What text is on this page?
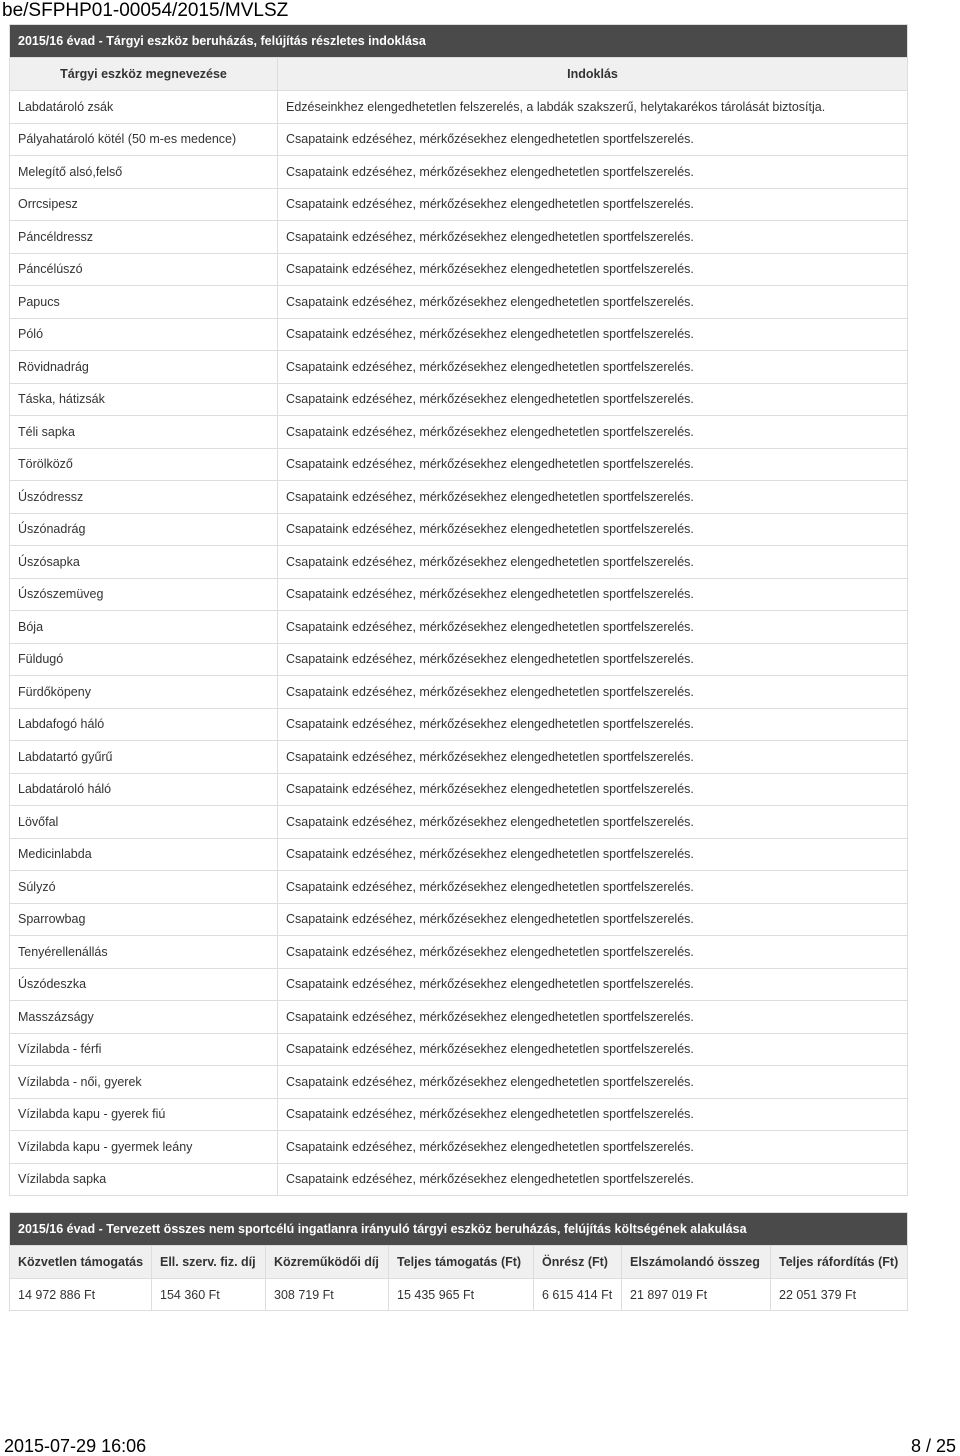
be/SFPHP01-00054/2015/MVLSZ
2015/16 évad - Tárgyi eszköz beruházás, felújítás részletes indoklása	
Tárgyi eszköz megnevezése	Indoklás
Labdatároló zsák	Edzéseinkhez elengedhetetlen felszerelés, a labdák szakszerű, helytakarékos tárolását biztosítja.
Pályahatároló kötél (50 m-es medence)	Csapataink edzéséhez, mérkőzésekhez elengedhetetlen sportfelszerelés.
Melegítő alsó,felső	Csapataink edzéséhez, mérkőzésekhez elengedhetetlen sportfelszerelés.
Orrcsipesz	Csapataink edzéséhez, mérkőzésekhez elengedhetetlen sportfelszerelés.
Páncéldressz	Csapataink edzéséhez, mérkőzésekhez elengedhetetlen sportfelszerelés.
Páncélúszó	Csapataink edzéséhez, mérkőzésekhez elengedhetetlen sportfelszerelés.
Papucs	Csapataink edzéséhez, mérkőzésekhez elengedhetetlen sportfelszerelés.
Póló	Csapataink edzéséhez, mérkőzésekhez elengedhetetlen sportfelszerelés.
Rövidnadrág	Csapataink edzéséhez, mérkőzésekhez elengedhetetlen sportfelszerelés.
Táska, hátizsák	Csapataink edzéséhez, mérkőzésekhez elengedhetetlen sportfelszerelés.
Téli sapka	Csapataink edzéséhez, mérkőzésekhez elengedhetetlen sportfelszerelés.
Törölköző	Csapataink edzéséhez, mérkőzésekhez elengedhetetlen sportfelszerelés.
Úszódressz	Csapataink edzéséhez, mérkőzésekhez elengedhetetlen sportfelszerelés.
Úszónadrág	Csapataink edzéséhez, mérkőzésekhez elengedhetetlen sportfelszerelés.
Úszósapka	Csapataink edzéséhez, mérkőzésekhez elengedhetetlen sportfelszerelés.
Úszószemüveg	Csapataink edzéséhez, mérkőzésekhez elengedhetetlen sportfelszerelés.
Bója	Csapataink edzéséhez, mérkőzésekhez elengedhetetlen sportfelszerelés.
Füldugó	Csapataink edzéséhez, mérkőzésekhez elengedhetetlen sportfelszerelés.
Fürdőköpeny	Csapataink edzéséhez, mérkőzésekhez elengedhetetlen sportfelszerelés.
Labdafogó háló	Csapataink edzéséhez, mérkőzésekhez elengedhetetlen sportfelszerelés.
Labdatartó gyűrű	Csapataink edzéséhez, mérkőzésekhez elengedhetetlen sportfelszerelés.
Labdatároló háló	Csapataink edzéséhez, mérkőzésekhez elengedhetetlen sportfelszerelés.
Lövőfal	Csapataink edzéséhez, mérkőzésekhez elengedhetetlen sportfelszerelés.
Medicinlabda	Csapataink edzéséhez, mérkőzésekhez elengedhetetlen sportfelszerelés.
Súlyzó	Csapataink edzéséhez, mérkőzésekhez elengedhetetlen sportfelszerelés.
Sparrowbag	Csapataink edzéséhez, mérkőzésekhez elengedhetetlen sportfelszerelés.
Tenyérellenállás	Csapataink edzéséhez, mérkőzésekhez elengedhetetlen sportfelszerelés.
Úszódeszka	Csapataink edzéséhez, mérkőzésekhez elengedhetetlen sportfelszerelés.
Masszázságy	Csapataink edzéséhez, mérkőzésekhez elengedhetetlen sportfelszerelés.
Vízilabda - férfi	Csapataink edzéséhez, mérkőzésekhez elengedhetetlen sportfelszerelés.
Vízilabda - női, gyerek	Csapataink edzéséhez, mérkőzésekhez elengedhetetlen sportfelszerelés.
Vízilabda kapu - gyerek fiú	Csapataink edzéséhez, mérkőzésekhez elengedhetetlen sportfelszerelés.
Vízilabda kapu - gyermek leány	Csapataink edzéséhez, mérkőzésekhez elengedhetetlen sportfelszerelés.
Vízilabda sapka	Csapataink edzéséhez, mérkőzésekhez elengedhetetlen sportfelszerelés.
2015/16 évad - Tervezett összes nem sportcélú ingatlanra irányuló tárgyi eszköz beruházás, felújítás költségének alakulása						
Közvetlen támogatás	Ell. szerv. fiz. díj	Közreműködői díj	Teljes támogatás (Ft)	Önrész (Ft)	Elszámolandó összeg	Teljes ráfordítás (Ft)
14 972 886 Ft	154 360 Ft	308 719 Ft	15 435 965 Ft	6 615 414 Ft	21 897 019 Ft	22 051 379 Ft
2015-07-29 16:06	8 / 25
